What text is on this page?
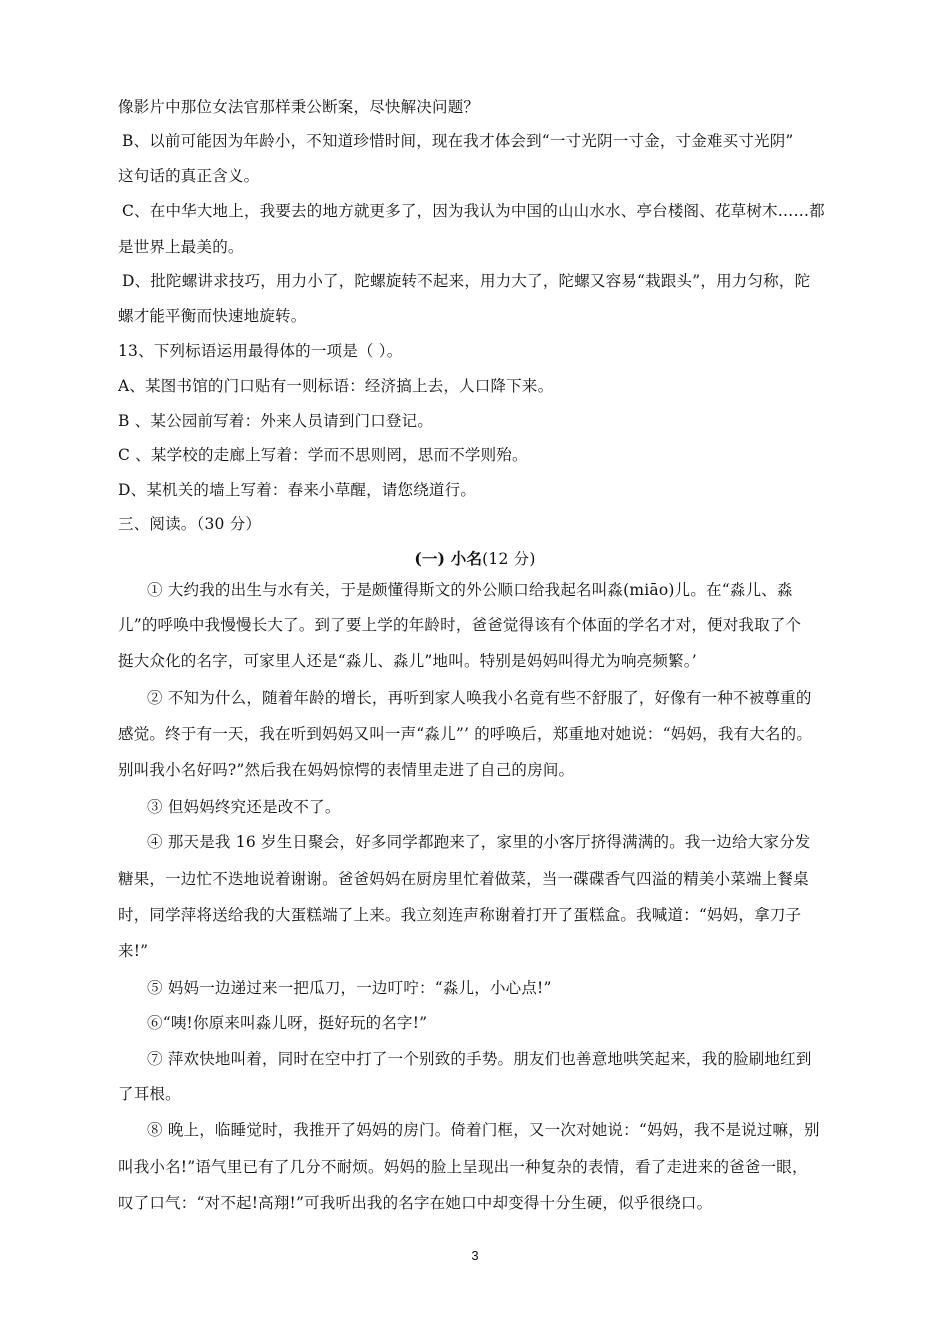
像影片中那位女法官那样秉公断案，尽快解决问题？
B、以前可能因为年龄小，不知道珍惜时间，现在我才体会到“一寸光阴一寸金，寸金难买寸光阴”
这句话的真正含义。
C、在中华大地上，我要去的地方就更多了，因为我认为中国的山山水水、亭台楼阁、花草树木……都
是世界上最美的。
D、批陀螺讲求技巧，用力小了，陀螺旋转不起来，用力大了，陀螺又容易“栽跟头”，用力匀称，陀
螺才能平衡而快速地旋转。
13、下列标语运用最得体的一项是（ ）。
A、某图书馆的门口贴有一则标语：经济搞上去，人口降下来。
B 、某公园前写着：外来人员请到门口登记。
C 、某学校的走廊上写着：学而不思则罔，思而不学则殆。
D、某机关的墙上写着：春来小草醒，请您绕道行。
三、阅读。（30 分）
(一) 小名(12 分)
① 大约我的出生与水有关，于是颇懂得斯文的外公顺口给我起名叫淼(miāo)儿。在“淼儿、淼
儿”的呼唤中我慢慢长大了。到了要上学的年龄时，爸爸觉得该有个体面的学名才对，便对我取了个
挺大众化的名字，可家里人还是“淼儿、淼儿”地叫。特别是妈妈叫得尤为响亮频繁。’
② 不知为什么，随着年龄的增长，再听到家人唤我小名竟有些不舒服了，好像有一种不被尊重的
感觉。终于有一天，我在听到妈妈又叫一声“淼儿”’ 的呼唤后，郑重地对她说：“妈妈，我有大名的。
别叫我小名好吗?”然后我在妈妈惊愕的表情里走进了自己的房间。
③ 但妈妈终究还是改不了。
④ 那天是我 16 岁生日聚会，好多同学都跑来了，家里的小客厅挤得满满的。我一边给大家分发
糖果，一边忙不迭地说着谢谢。爸爸妈妈在厨房里忙着做菜，当一碟碟香气四溢的精美小菜端上餐桌
时，同学萍将送给我的大蛋糕端了上来。我立刻连声称谢着打开了蛋糕盒。我喊道：“妈妈，拿刀子
来!”
⑤ 妈妈一边递过来一把瓜刀，一边叮咛：“淼儿，小心点!”
⑥“咦!你原来叫淼儿呀，挺好玩的名字!”
⑦ 萍欢快地叫着，同时在空中打了一个别致的手势。朋友们也善意地哄笑起来，我的脸刷地红到
了耳根。
⑧ 晚上，临睡觉时，我推开了妈妈的房门。倚着门框，又一次对她说：“妈妈，我不是说过嘛，别
叫我小名!”语气里已有了几分不耐烦。妈妈的脸上呈现出一种复杂的表情，看了走进来的爸爸一眼，
叹了口气：“对不起!高翔!”可我听出我的名字在她口中却变得十分生硬，似乎很绕口。
3
